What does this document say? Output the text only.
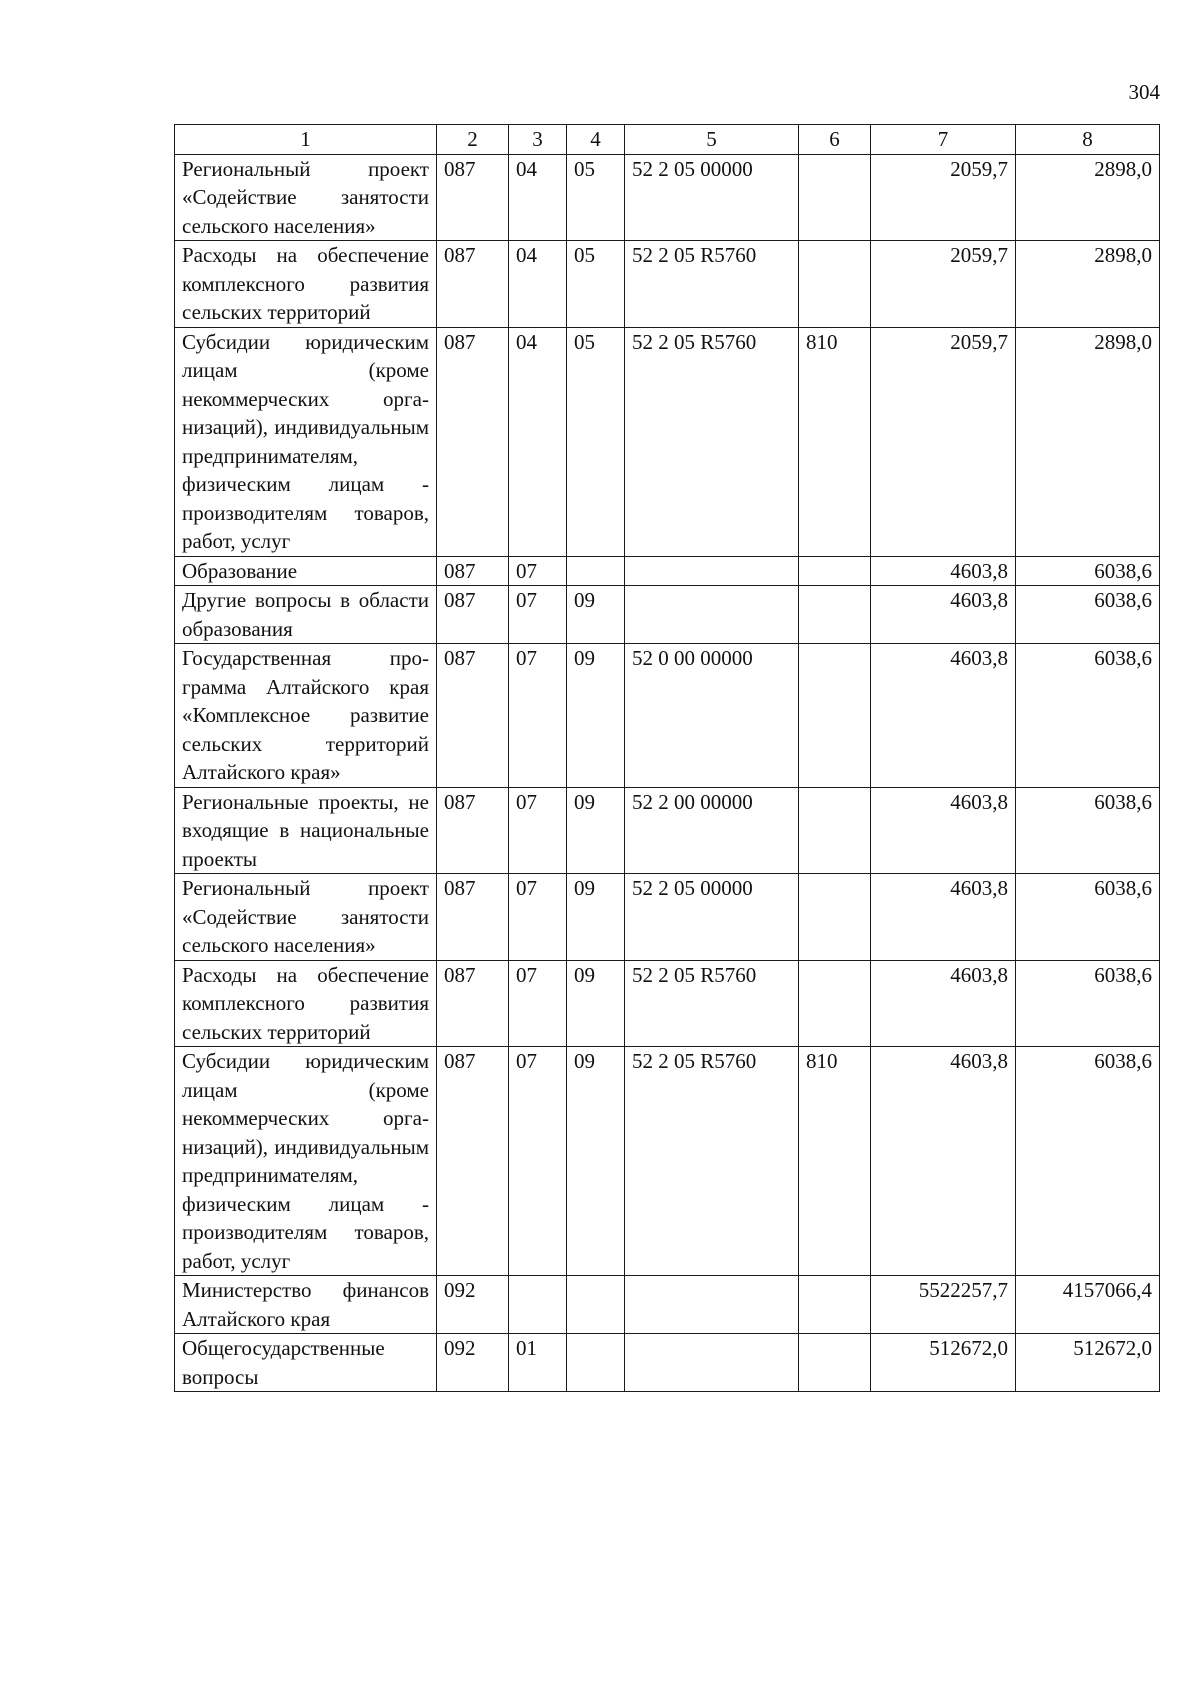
304
1	2	3	4	5	6	7	8
Региональный проект «Содействие занятости сельского населения»	087	04	05	52 2 05 00000		2059,7	2898,0
Расходы на обеспечение комплексного развития сельских территорий	087	04	05	52 2 05 R5760		2059,7	2898,0
Субсидии юридическим лицам (кроме некоммерческих организаций), индивидуальным предпринимателям, физическим лицам - производителям товаров, работ, услуг	087	04	05	52 2 05 R5760	810	2059,7	2898,0
Образование	087	07				4603,8	6038,6
Другие вопросы в области образования	087	07	09			4603,8	6038,6
Государственная программа Алтайского края «Комплексное развитие сельских территорий Алтайского края»	087	07	09	52 0 00 00000		4603,8	6038,6
Региональные проекты, не входящие в национальные проекты	087	07	09	52 2 00 00000		4603,8	6038,6
Региональный проект «Содействие занятости сельского населения»	087	07	09	52 2 05 00000		4603,8	6038,6
Расходы на обеспечение комплексного развития сельских территорий	087	07	09	52 2 05 R5760		4603,8	6038,6
Субсидии юридическим лицам (кроме некоммерческих организаций), индивидуальным предпринимателям, физическим лицам - производителям товаров, работ, услуг	087	07	09	52 2 05 R5760	810	4603,8	6038,6
Министерство финансов Алтайского края	092					5522257,7	4157066,4
Общегосударственные вопросы	092	01				512672,0	512672,0
